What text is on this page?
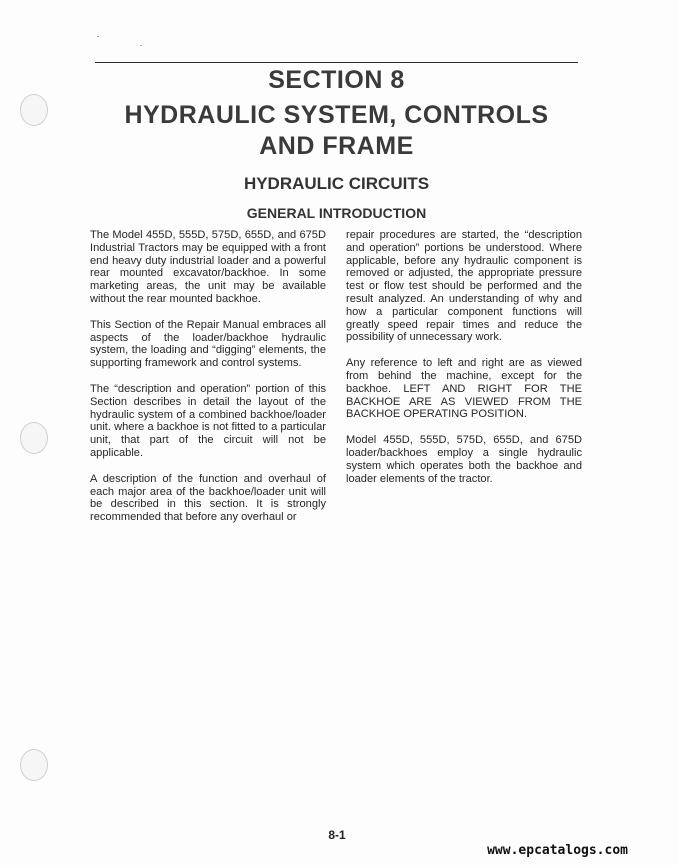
SECTION 8
HYDRAULIC SYSTEM, CONTROLS
AND FRAME
HYDRAULIC CIRCUITS
GENERAL INTRODUCTION

The Model 455D, 555D, 575D, 655D, and 675D Industrial Tractors may be equipped with a front end heavy duty industrial loader and a powerful rear mounted excavator/backhoe. In some marketing areas, the unit may be available without the rear mounted backhoe.

This Section of the Repair Manual embraces all aspects of the loader/backhoe hydraulic system, the loading and “digging” elements, the supporting framework and control systems.

The “description and operation” portion of this Section describes in detail the layout of the hydraulic system of a combined backhoe/loader unit. where a backhoe is not fitted to a particular unit, that part of the circuit will not be applicable.

A description of the function and overhaul of each major area of the backhoe/loader unit will be described in this section. It is strongly recommended that before any overhaul or

repair procedures are started, the “description and operation” portions be understood. Where applicable, before any hydraulic component is removed or adjusted, the appropriate pressure test or flow test should be performed and the result analyzed. An understanding of why and how a particular component functions will greatly speed repair times and reduce the possibility of unnecessary work.

Any reference to left and right are as viewed from behind the machine, except for the backhoe. LEFT AND RIGHT FOR THE BACKHOE ARE AS VIEWED FROM THE BACKHOE OPERATING POSITION.

Model 455D, 555D, 575D, 655D, and 675D loader/backhoes employ a single hydraulic system which operates both the backhoe and loader elements of the tractor.

8-1
www.epcatalogs.com
